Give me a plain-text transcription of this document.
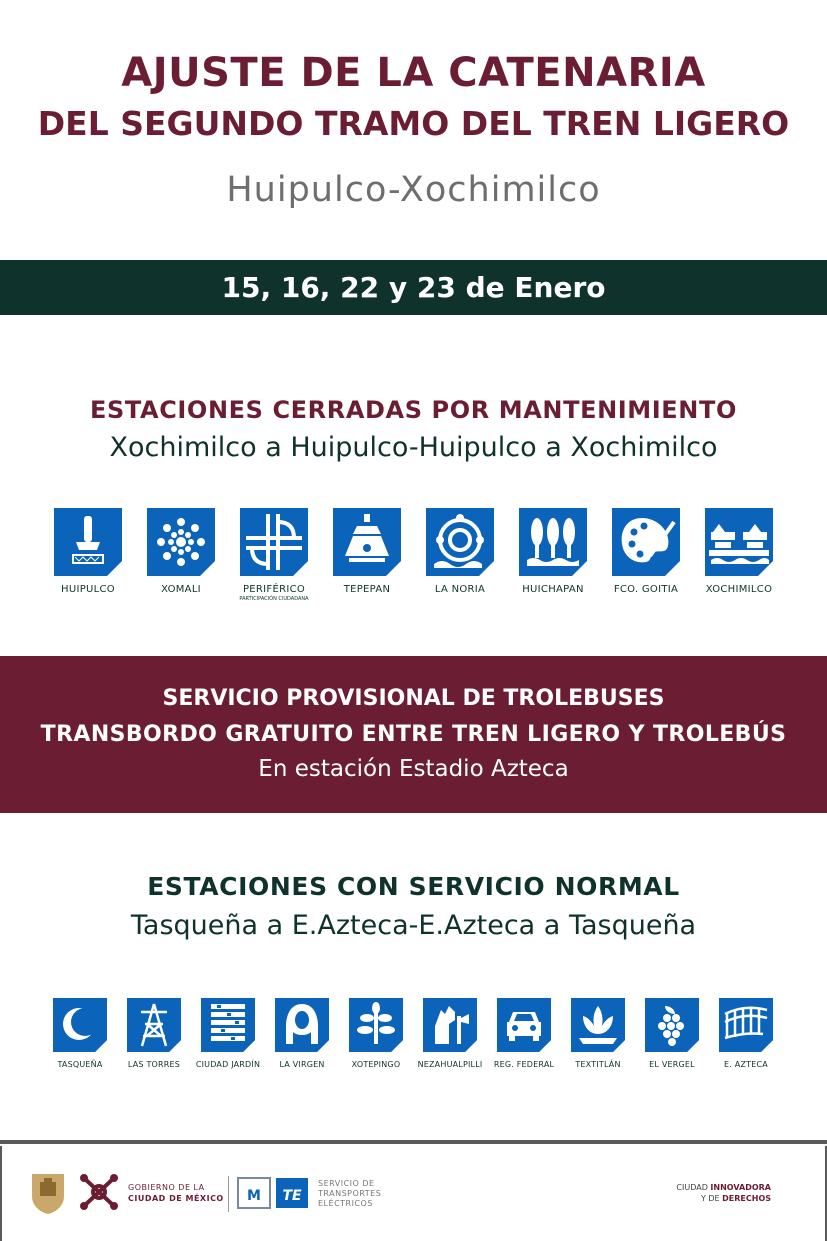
AJUSTE DE LA CATENARIA
DEL SEGUNDO TRAMO DEL TREN LIGERO
Huipulco-Xochimilco
15, 16, 22 y 23 de Enero
ESTACIONES CERRADAS POR MANTENIMIENTO
Xochimilco a Huipulco-Huipulco a Xochimilco
HUIPULCO	XOMALI	PERIFÉRICO
PARTICIPACIÓN CIUDADANA
TEPEPAN	LA NORIA	HUICHAPAN	FCO. GOITIA	XOCHIMILCO
SERVICIO PROVISIONAL DE TROLEBUSES
TRANSBORDO GRATUITO ENTRE TREN LIGERO Y TROLEBÚS
En estación Estadio Azteca
ESTACIONES CON SERVICIO NORMAL
Tasqueña a E.Azteca-E.Azteca a Tasqueña
TASQUEÑA	LAS TORRES	CIUDAD JARDÍN	LA VIRGEN	XOTEPINGO	NEZAHUALPILLI	REG. FEDERAL	TEXTITLÁN	EL VERGEL	E. AZTECA
GOBIERNO DE LA
CIUDAD DE MÉXICO M TE
SERVICIO DE
TRANSPORTES
ELÉCTRICOS
CIUDAD INNOVADORA
Y DE DERECHOS
